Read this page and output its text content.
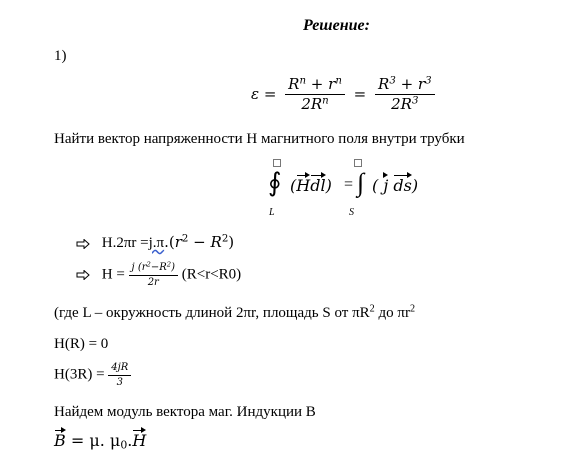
Решение:
1)
$\varepsilon = \frac{R^n + r^n}{2R^n} = \frac{R^3 + r^3}{2R^3}$
Найти вектор напряженности H магнитного поля внутри трубки
∮ (Hdl) = ∫ ( j ds)
L	S
$H.2\pi r =j.\pi.(r^2 - R^2)$
$H = \frac{j (r^2-R^2)}{2r} (R<r<R0)$
(где L – окружность длиной 2πr, площадь S от $\pi R^2$ до $\pi r^2$
H(R) = 0
$H(3R) = \frac{4jR}{3}$
Найдем модуль вектора маг. Индукции B
B = μ. $\mu_0.H$
